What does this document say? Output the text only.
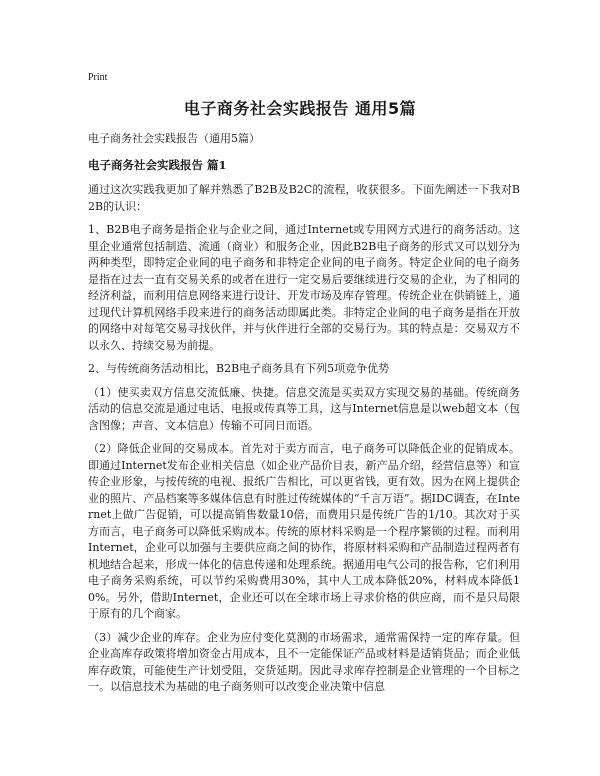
Print
电子商务社会实践报告 通用5篇

电子商务社会实践报告（通用5篇）

电子商务社会实践报告 篇1

通过这次实践我更加了解并熟悉了B2B及B2C的流程，收获很多。下面先阐述一下我对B2B的认识：

1、B2B电子商务是指企业与企业之间，通过Internet或专用网方式进行的商务活动。这里企业通常包括制造、流通（商业）和服务企业，因此B2B电子商务的形式又可以划分为两种类型，即特定企业间的电子商务和非特定企业间的电子商务。特定企业间的电子商务是指在过去一直有交易关系的或者在进行一定交易后要继续进行交易的企业，为了相同的经济利益，而利用信息网络来进行设计、开发市场及库存管理。传统企业在供销链上，通过现代计算机网络手段来进行的商务活动即属此类。非特定企业间的电子商务是指在开放的网络中对每笔交易寻找伙伴，并与伙伴进行全部的交易行为。其的特点是：交易双方不以永久、持续交易为前提。

2、与传统商务活动相比，B2B电子商务具有下列5项竞争优势

（1）使买卖双方信息交流低廉、快捷。信息交流是买卖双方实现交易的基础。传统商务活动的信息交流是通过电话、电报或传真等工具，这与Internet信息是以web超文本（包含图像；声音、文本信息）传输不可同日而语。

（2）降低企业间的交易成本。首先对于卖方而言，电子商务可以降低企业的促销成本。即通过Internet发布企业相关信息（如企业产品价目表，新产品介绍，经营信息等）和宣传企业形象，与按传统的电视、报纸广告相比，可以更省钱，更有效。因为在网上提供企业的照片、产品档案等多媒体信息有时胜过传统媒体的“千言万语”。据IDC调查，在Internet上做广告促销，可以提高销售数量10倍，而费用只是传统广告的1/10。其次对于买方而言，电子商务可以降低采购成本。传统的原材料采购是一个程序繁锁的过程。而利用Internet，企业可以加强与主要供应商之间的协作，将原材料采购和产品制造过程两者有机地结合起来，形成一体化的信息传递和处理系统。据通用电气公司的报告称，它们利用电子商务采购系统，可以节约采购费用30%，其中人工成本降低20%，材料成本降低10%。另外，借助Internet，企业还可以在全球市场上寻求价格的供应商，而不是只局限于原有的几个商家。

（3）减少企业的库存。企业为应付变化莫测的市场需求，通常需保持一定的库存量。但企业高库存政策将增加资金占用成本，且不一定能保证产品或材料是适销货品；而企业低库存政策，可能使生产计划受阻，交货延期。因此寻求库存控制是企业管理的一个目标之一。以信息技术为基础的电子商务则可以改变企业决策中信息
